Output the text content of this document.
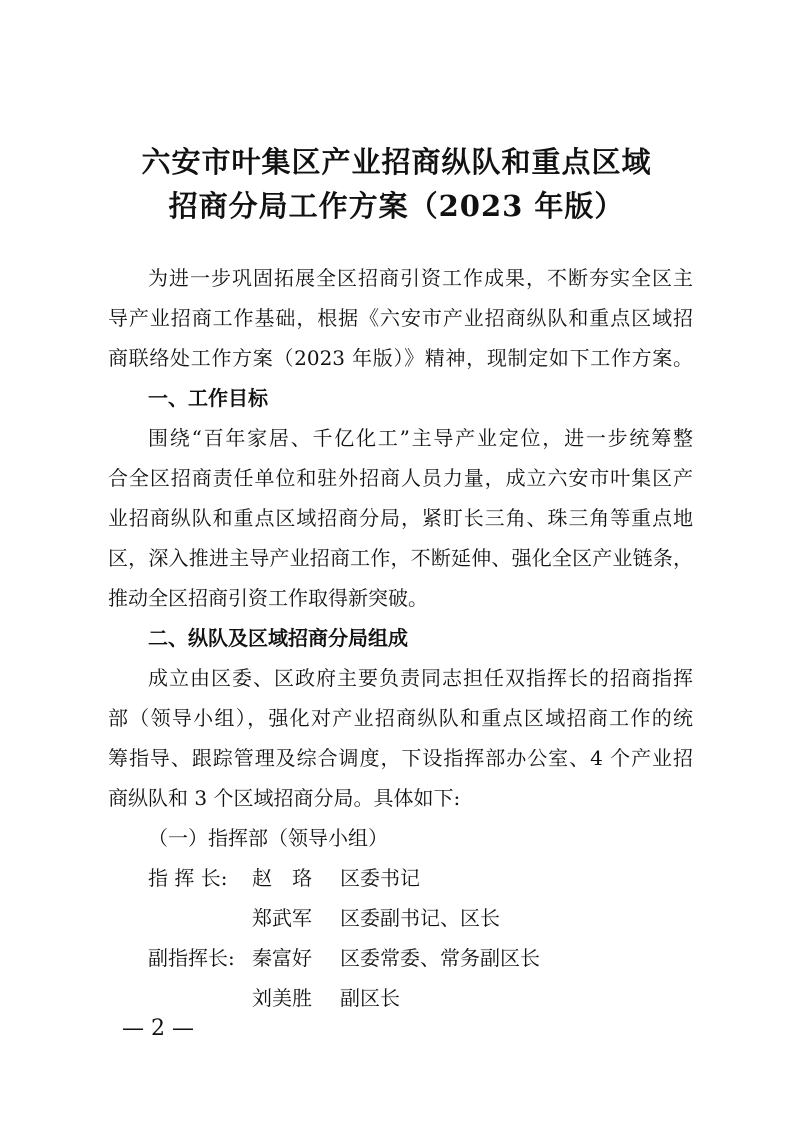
六安市叶集区产业招商纵队和重点区域
招商分局工作方案（2023 年版）
为进一步巩固拓展全区招商引资工作成果，不断夯实全区主
导产业招商工作基础，根据《六安市产业招商纵队和重点区域招
商联络处工作方案（2023 年版）》精神，现制定如下工作方案。
一、工作目标
围绕“百年家居、千亿化工”主导产业定位，进一步统筹整
合全区招商责任单位和驻外招商人员力量，成立六安市叶集区产
业招商纵队和重点区域招商分局，紧盯长三角、珠三角等重点地
区，深入推进主导产业招商工作，不断延伸、强化全区产业链条，
推动全区招商引资工作取得新突破。
二、纵队及区域招商分局组成
成立由区委、区政府主要负责同志担任双指挥长的招商指挥
部（领导小组），强化对产业招商纵队和重点区域招商工作的统
筹指导、跟踪管理及综合调度，下设指挥部办公室、4 个产业招
商纵队和 3 个区域招商分局。具体如下:
（一）指挥部（领导小组）
指 挥 长: 赵　珞 区委书记
郑武军 区委副书记、区长
副指挥长: 秦富好 区委常委、常务副区长
刘美胜 副区长
— 2 —
